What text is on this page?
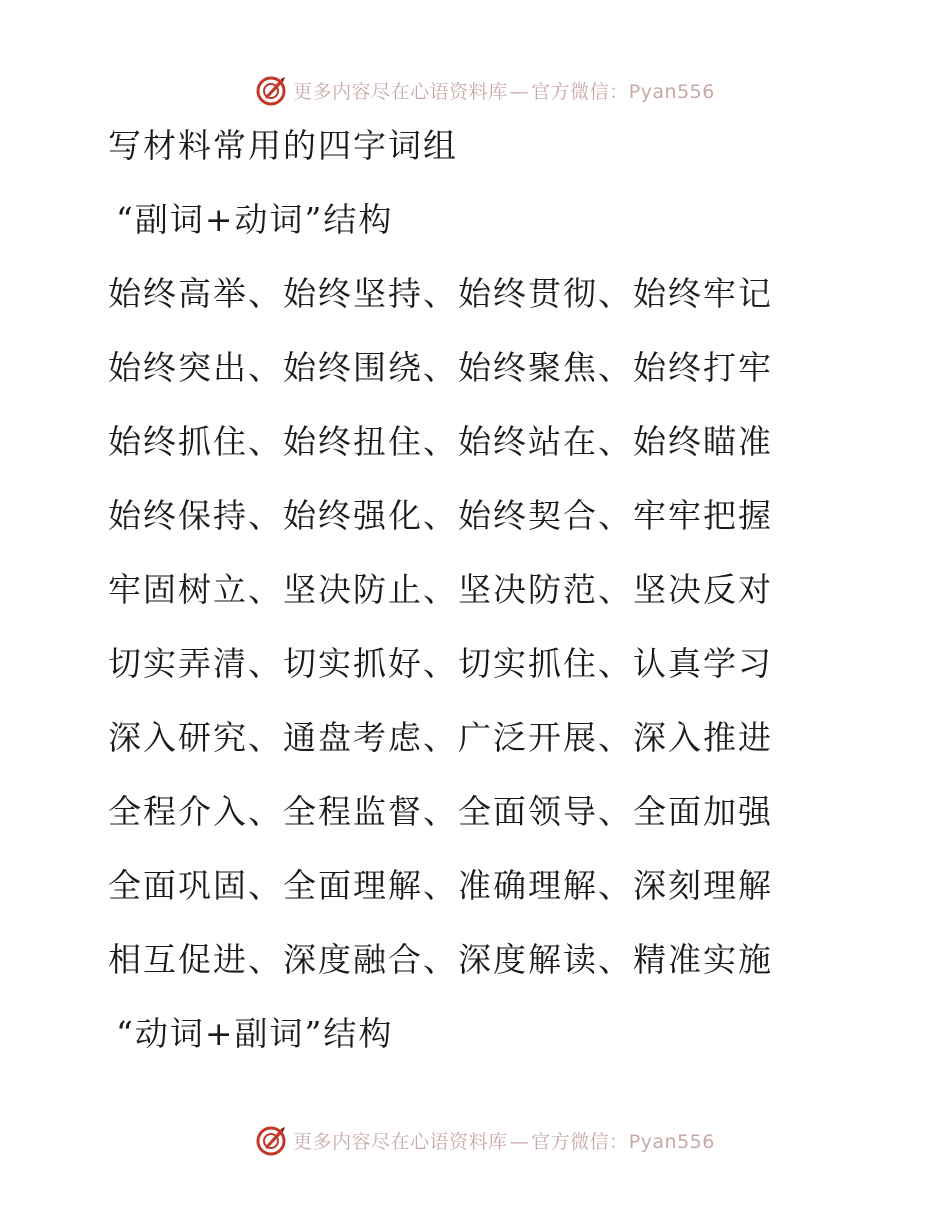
更多内容尽在心语资料库 — 官方微信：Pyan556
写材料常用的四字词组
“副词+动词”结构
始终高举、始终坚持、始终贯彻、始终牢记
始终突出、始终围绕、始终聚焦、始终打牢
始终抓住、始终扭住、始终站在、始终瞄准
始终保持、始终强化、始终契合、牢牢把握
牢固树立、坚决防止、坚决防范、坚决反对
切实弄清、切实抓好、切实抓住、认真学习
深入研究、通盘考虑、广泛开展、深入推进
全程介入、全程监督、全面领导、全面加强
全面巩固、全面理解、准确理解、深刻理解
相互促进、深度融合、深度解读、精准实施
“动词+副词”结构
更多内容尽在心语资料库 — 官方微信：Pyan556
